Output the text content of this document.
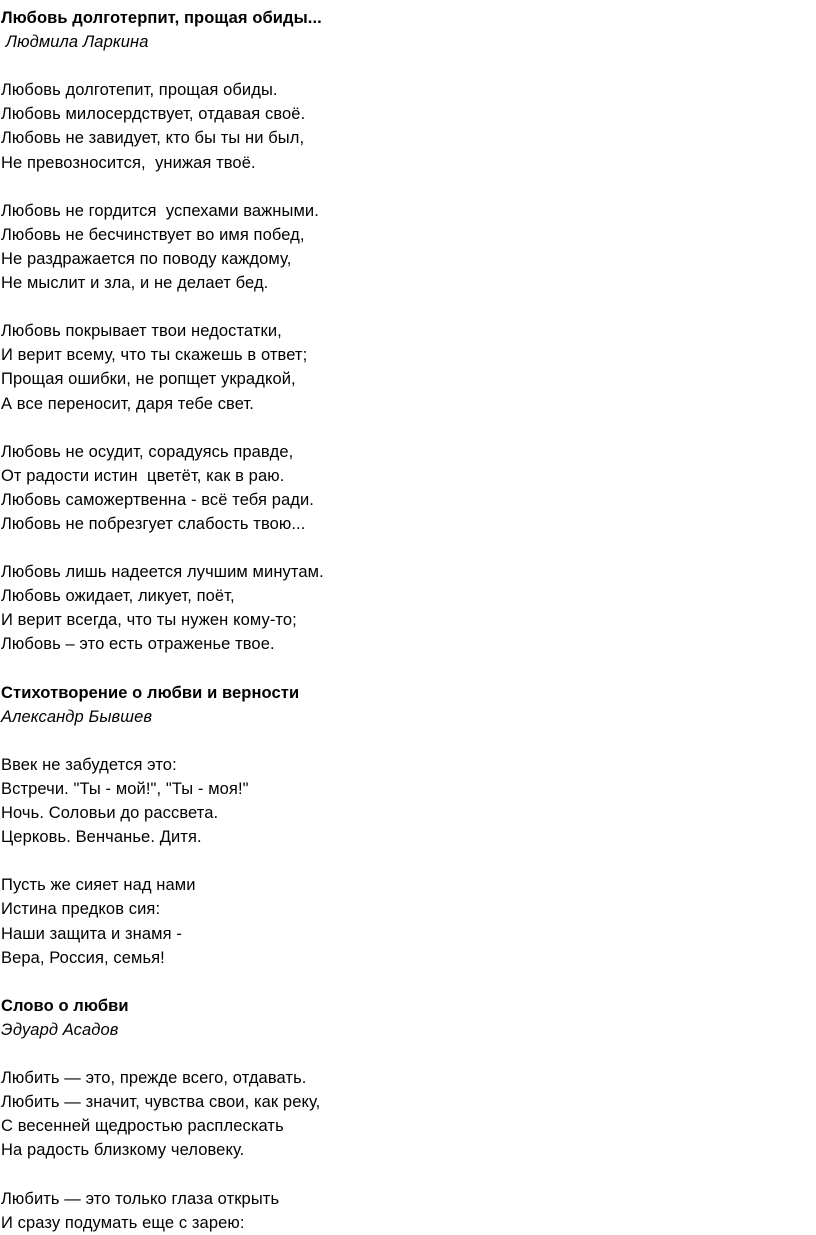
Любовь долготерпит, прощая обиды...
Людмила Ларкина
Любовь долготепит, прощая обиды.
Любовь милосердствует, отдавая своё.
Любовь не завидует, кто бы ты ни был,
Не превозносится,  унижая твоё.
Любовь не гордится  успехами важными.
Любовь не бесчинствует во имя побед,
Не раздражается по поводу каждому,
Не мыслит и зла, и не делает бед.
Любовь покрывает твои недостатки,
И верит всему, что ты скажешь в ответ;
Прощая ошибки, не ропщет украдкой,
А все переносит, даря тебе свет.
Любовь не осудит, сорадуясь правде,
От радости истин  цветёт, как в раю.
Любовь саможертвенна - всё тебя ради.
Любовь не побрезгует слабость твою...
Любовь лишь надеется лучшим минутам.
Любовь ожидает, ликует, поёт,
И верит всегда, что ты нужен кому-то;
Любовь – это есть отраженье твое.
Стихотворение о любви и верности
Александр Бывшев
Ввек не забудется это:
Встречи. "Ты - мой!", "Ты - моя!"
Ночь. Соловьи до рассвета.
Церковь. Венчанье. Дитя.
Пусть же сияет над нами
Истина предков сия:
Наши защита и знамя -
Вера, Россия, семья!
Слово о любви
Эдуард Асадов
Любить — это, прежде всего, отдавать.
Любить — значит, чувства свои, как реку,
С весенней щедростью расплескать
На радость близкому человеку.
Любить — это только глаза открыть
И сразу подумать еще с зарею:
